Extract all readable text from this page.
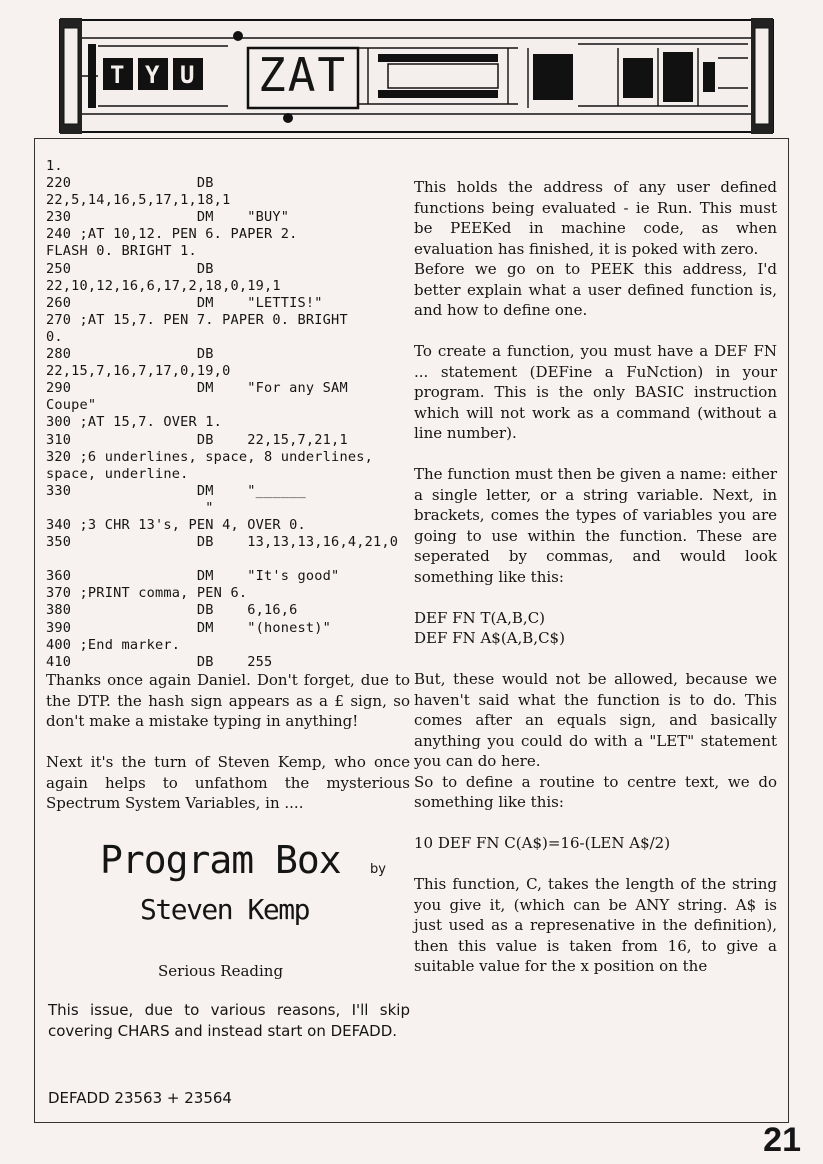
T Y U ZAT
1.
220               DB
22,5,14,16,5,17,1,18,1
230               DM    "BUY"
240 ;AT 10,12. PEN 6. PAPER 2.
FLASH 0. BRIGHT 1.
250               DB
22,10,12,16,6,17,2,18,0,19,1
260               DM    "LETTIS!"
270 ;AT 15,7. PEN 7. PAPER 0. BRIGHT
0.
280               DB
22,15,7,16,7,17,0,19,0
290               DM    "For any SAM
Coupe"
300 ;AT 15,7. OVER 1.
310               DB    22,15,7,21,1
320 ;6 underlines, space, 8 underlines,
space, underline.
330               DM    "______
"
340 ;3 CHR 13's, PEN 4, OVER 0.
350               DB    13,13,13,16,4,21,0

360               DM    "It's good"
370 ;PRINT comma, PEN 6.
380               DB    6,16,6
390               DM    "(honest)"
400 ;End marker.
410               DB    255

Thanks once again Daniel. Don't forget, due to the DTP. the hash sign appears as a £ sign, so don't make a mistake typing in anything!

Next it's the turn of Steven Kemp, who once again helps to unfathom the mysterious Spectrum System Variables, in ....

Program Box by
Steven Kemp
Serious Reading
This issue, due to various reasons, I'll skip covering CHARS and instead start on DEFADD.
DEFADD 23563 + 23564

This holds the address of any user defined functions being evaluated - ie Run. This must be PEEKed in machine code, as when evaluation has finished, it is poked with zero.

Before we go on to PEEK this address, I'd better explain what a user defined function is, and how to define one.

To create a function, you must have a DEF FN ... statement (DEFine a FuNction) in your program. This is the only BASIC instruction which will not work as a command (without a line number).

The function must then be given a name: either a single letter, or a string variable. Next, in brackets, comes the types of variables you are going to use within the function. These are seperated by commas, and would look something like this:

DEF FN T(A,B,C)

DEF FN A$(A,B,C$)

But, these would not be allowed, because we haven't said what the function is to do. This comes after an equals sign, and basically anything you could do with a "LET" statement you can do here.

So to define a routine to centre text, we do something like this:

10 DEF FN C(A$)=16-(LEN A$/2)

This function, C, takes the length of the string you give it, (which can be ANY string. A$ is just used as a represenative in the definition), then this value is taken from 16, to give a suitable value for the x position on the

21
